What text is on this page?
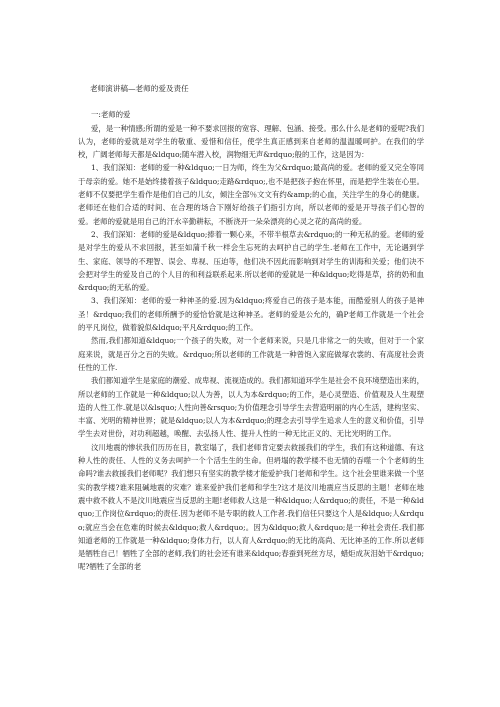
老师演讲稿—老师的爱及责任
一:老师的爱

爱，是一种情感;所谓的爱是一种不要求回报的宽容、理解、包涵、接受。那么什么是老师的爱呢?我们认为，老师的爱就是对学生的敬重、爱惜和信任，使学生真正感到来自老师的温温暖呵护。在我们的学校，广阔老师每天都是&ldquo;随车潜入校，润物细无声&rdquo;般的工作，这是因为：

1、我们深知：老师的爱一种&ldquo;一日为师，终生为父&rdquo;最高尚的爱。老师的爱又完全等同于母亲的爱。她不是始终搂着孩子&ldquo;走路&rdquo;,也不是把孩子抱在怀里，而是把学生装在心里。老师不仅要把学生看作是他们自己的儿女，倾注全部％文文有约&amp;的心血，关注学生的身心的健康。老师还在他们合适的时间、在合理的场合下刚好给孩子们指引方向，所以老师的爱是开导孩子们心智的爱。老师的爱就是用自己的汗水辛勤耕耘，不断浇开一朵朵漂亮的心灵之花的高尚的爱。

2、我们深知：老师的爱是&ldquo;捧着一颗心来，不带半根草去&rdquo;的一种无私的爱。老师的爱是对学生的爱从不求回报，甚至如蒲千秋一样会生忘死的去呵护自己的学生.老师在工作中，无论遇到学生、家庭、领导的不理智、误会、卑视、压迫等，他们决不因此而影响到对学生的训海和关爱；他们决不会把对学生的爱及自己的个人目的和利益联系起来.所以老师的爱就是一种&ldquo;吃得是草，挤的奶和血&rdquo;的无私的爱。

3、我们深知：老师的爱一种神圣的爱.因为&ldquo;疼爱自己的孩子是本能，而酷爱别人的孩子是神圣！&rdquo;我们的老师所酬予的爱恰恰就是这种神圣。老师的爱是公允的，确P老师工作就是一个社会的平凡岗位，做着貌似&ldquo;平凡&rdquo;的工作。

然而,我们都知道&ldquo;一个孩子的失败，对一个老师来说，只是几非常之一的失败，但对于一个家庭来说，就是百分之百的失败。&rdquo;所以老师的工作就是一种曾饱入家庭做塚衣裳的、有高度社会责任性的工作.

我们都知道学生是家庭的潮爱、成卑视、流视造成的。我们都知道环学生是社会不良环境塑造出来的，所以老师的工作就是一种&ldquo;以人为善，以人为本&rdquo;的工作，是心灵塑造、价值观及人生观塑造的人性工作.就是以&lsquo;人性向善&rsquo;为价值理念引导学生去营造明丽的内心生活，建构坚实、丰富、光明的精神世界；就是&ldquo;以人为本&rdquo;的理念去引导学生追求人生的意义和价值，引导学生去对世份，对功利超越，唤醒、去弘扬人性、提升人性的一种无比正义的、无比光明的工作。

汶川地震的惨状我们历历在目，教室塌了，我们老师肯定要去救援我们的学生，我们有这种道德、有这种人性的责任、人性的义务去呵护一个个活生生的生命。但坍塌的教学楼不也无情的吞噬一个个老师的生命吗?谁去救援我们老师呢？我们想只有坚实的教学楼才能爱护我门老师和学生。这个社会里谁来做一个坚实的教学楼?谁来阻碱地震的灾难？谁来爱护我们老师和学生?这才是汶川地震应当反思的主题！老师在地震中救不救人不是汶川地震应当反思的主题!老师救人这是一种&ldquo;人&rdquo;的责任，不是一种&ldquo;工作岗位&rdquo;的责任.因为老师不是专职的救人工作者.我们信任只要这个人是&ldquo;人&rdquo;就应当会在危难的时候去&ldquo;救人&rdquo;。因为&ldquo;救人&rdquo;是一种社会责任.我们都知道老师的工作就是一种&ldquo;身体力行，以人育人&rdquo;的无比的高尚、无比神圣的工作.所以老师是牺牲自己！牺牲了全部的老师,我们的社会还有谁来&ldquo;春蚕到死丝方尽，蜡炬成灰泪始干&rdquo;呢?牺牲了全部的老
